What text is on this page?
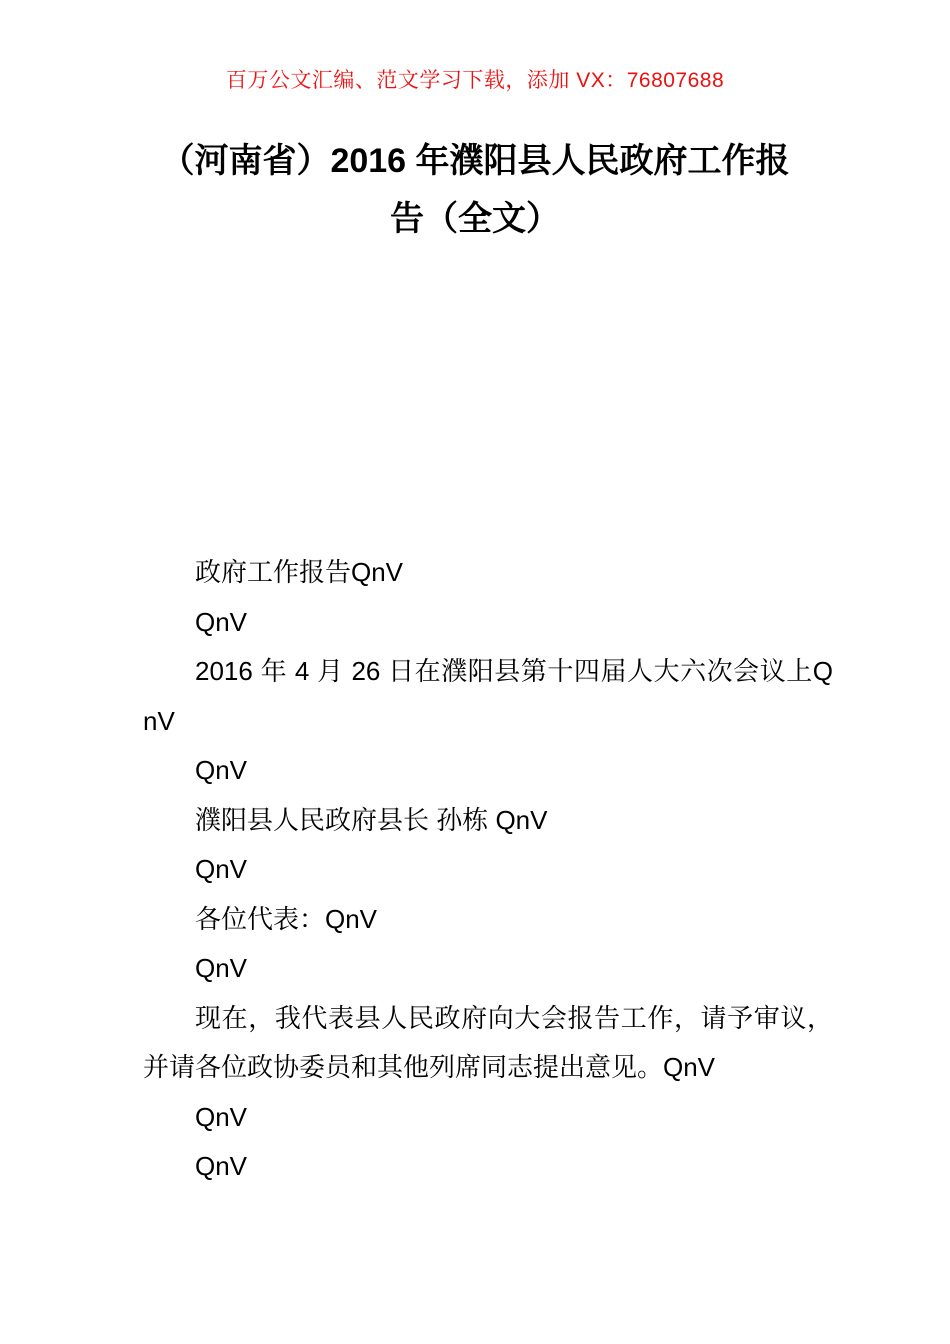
百万公文汇编、范文学习下载，添加 VX：76807688
（河南省）2016 年濮阳县人民政府工作报
告（全文）

政府工作报告QnV

QnV

2016 年 4 月 26 日在濮阳县第十四届人大六次会议上QnV

QnV

濮阳县人民政府县长 孙栋 QnV

QnV

各位代表：QnV

QnV

现在，我代表县人民政府向大会报告工作，请予审议，并请各位政协委员和其他列席同志提出意见。QnV

QnV

QnV
